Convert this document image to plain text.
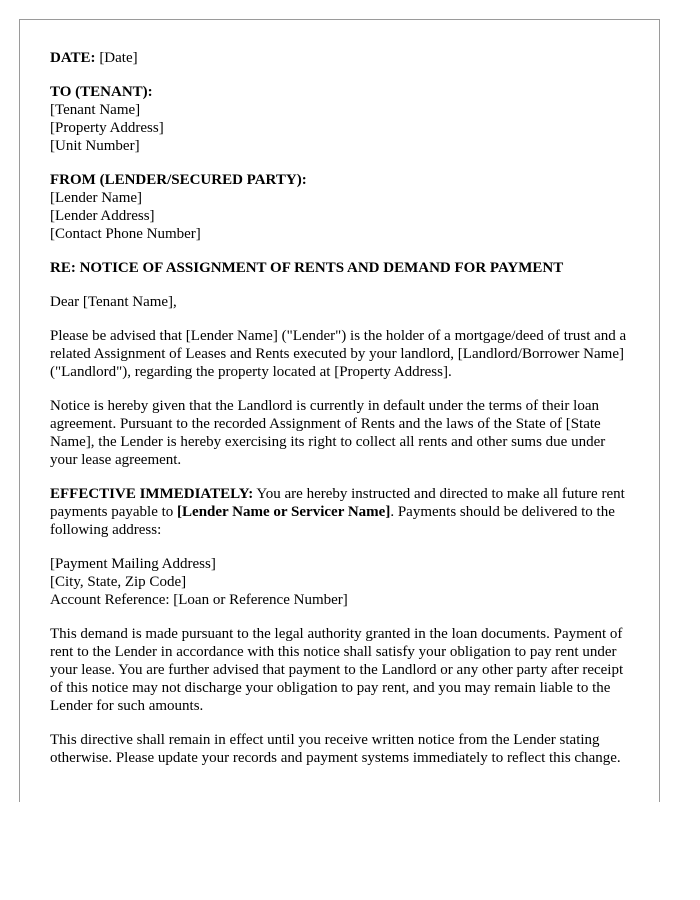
DATE: [Date]
TO (TENANT):
[Tenant Name]
[Property Address]
[Unit Number]
FROM (LENDER/SECURED PARTY):
[Lender Name]
[Lender Address]
[Contact Phone Number]
RE: NOTICE OF ASSIGNMENT OF RENTS AND DEMAND FOR PAYMENT

Dear [Tenant Name],

Please be advised that [Lender Name] ("Lender") is the holder of a mortgage/deed of trust and a related Assignment of Leases and Rents executed by your landlord, [Landlord/Borrower Name] ("Landlord"), regarding the property located at [Property Address].

Notice is hereby given that the Landlord is currently in default under the terms of their loan agreement. Pursuant to the recorded Assignment of Rents and the laws of the State of [State Name], the Lender is hereby exercising its right to collect all rents and other sums due under your lease agreement.

EFFECTIVE IMMEDIATELY: You are hereby instructed and directed to make all future rent payments payable to [Lender Name or Servicer Name]. Payments should be delivered to the following address:

[Payment Mailing Address]
[City, State, Zip Code]
Account Reference: [Loan or Reference Number]

This demand is made pursuant to the legal authority granted in the loan documents. Payment of rent to the Lender in accordance with this notice shall satisfy your obligation to pay rent under your lease. You are further advised that payment to the Landlord or any other party after receipt of this notice may not discharge your obligation to pay rent, and you may remain liable to the Lender for such amounts.

This directive shall remain in effect until you receive written notice from the Lender stating otherwise. Please update your records and payment systems immediately to reflect this change.
